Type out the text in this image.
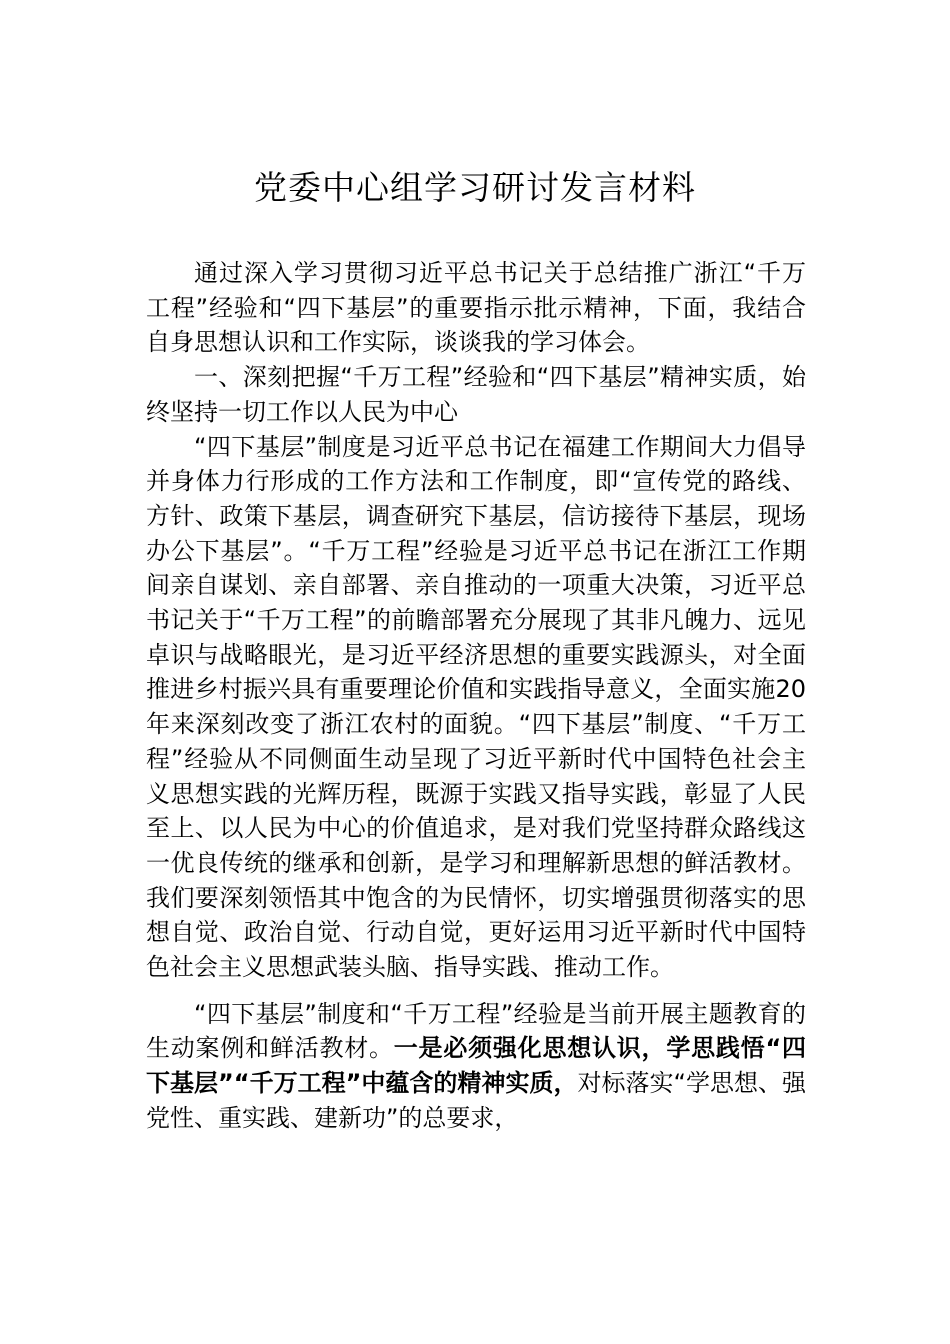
党委中心组学习研讨发言材料

通过深入学习贯彻习近平总书记关于总结推广浙江“千万工程”经验和“四下基层”的重要指示批示精神，下面，我结合自身思想认识和工作实际，谈谈我的学习体会。

一、深刻把握“千万工程”经验和“四下基层”精神实质，始终坚持一切工作以人民为中心

“四下基层”制度是习近平总书记在福建工作期间大力倡导并身体力行形成的工作方法和工作制度，即“宣传党的路线、方针、政策下基层，调查研究下基层，信访接待下基层，现场办公下基层”。“千万工程”经验是习近平总书记在浙江工作期间亲自谋划、亲自部署、亲自推动的一项重大决策，习近平总书记关于“千万工程”的前瞻部署充分展现了其非凡魄力、远见卓识与战略眼光，是习近平经济思想的重要实践源头，对全面推进乡村振兴具有重要理论价值和实践指导意义，全面实施20年来深刻改变了浙江农村的面貌。“四下基层”制度、“千万工程”经验从不同侧面生动呈现了习近平新时代中国特色社会主义思想实践的光辉历程，既源于实践又指导实践，彰显了人民至上、以人民为中心的价值追求，是对我们党坚持群众路线这一优良传统的继承和创新，是学习和理解新思想的鲜活教材。我们要深刻领悟其中饱含的为民情怀，切实增强贯彻落实的思想自觉、政治自觉、行动自觉，更好运用习近平新时代中国特色社会主义思想武装头脑、指导实践、推动工作。

“四下基层”制度和“千万工程”经验是当前开展主题教育的生动案例和鲜活教材。一是必须强化思想认识，学思践悟“四下基层”“千万工程”中蕴含的精神实质，对标落实“学思想、强党性、重实践、建新功”的总要求，
